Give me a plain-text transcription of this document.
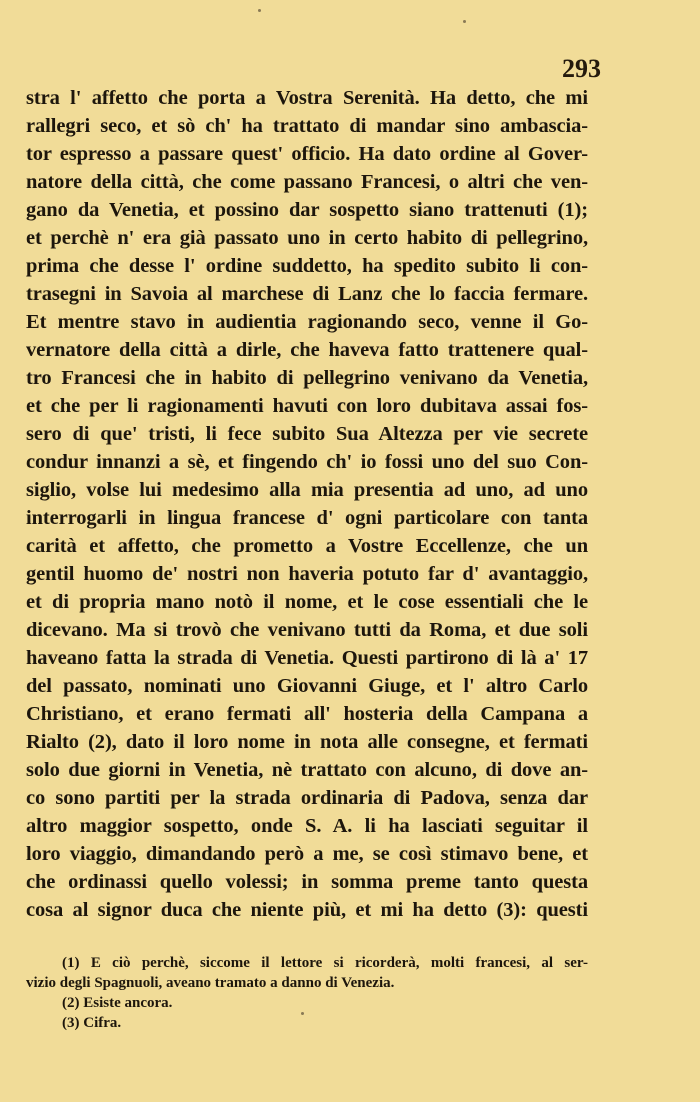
293
stra l' affetto che porta a Vostra Serenità. Ha detto, che mi
rallegri seco, et sò ch' ha trattato di mandar sino ambascia-
tor espresso a passare quest' officio. Ha dato ordine al Gover-
natore della città, che come passano Francesi, o altri che ven-
gano da Venetia, et possino dar sospetto siano trattenuti (1);
et perchè n' era già passato uno in certo habito di pellegrino,
prima che desse l' ordine suddetto, ha spedito subito li con-
trasegni in Savoia al marchese di Lanz che lo faccia fermare.
Et mentre stavo in audientia ragionando seco, venne il Go-
vernatore della città a dirle, che haveva fatto trattenere qual-
tro Francesi che in habito di pellegrino venivano da Venetia,
et che per li ragionamenti havuti con loro dubitava assai fos-
sero di que' tristi, li fece subito Sua Altezza per vie secrete
condur innanzi a sè, et fingendo ch' io fossi uno del suo Con-
siglio, volse lui medesimo alla mia presentia ad uno, ad uno
interrogarli in lingua francese d' ogni particolare con tanta
carità et affetto, che prometto a Vostre Eccellenze, che un
gentil huomo de' nostri non haveria potuto far d' avantaggio,
et di propria mano notò il nome, et le cose essentiali che le
dicevano. Ma si trovò che venivano tutti da Roma, et due soli
haveano fatta la strada di Venetia. Questi partirono di là a' 17
del passato, nominati uno Giovanni Giuge, et l' altro Carlo
Christiano, et erano fermati all' hosteria della Campana a
Rialto (2), dato il loro nome in nota alle consegne, et fermati
solo due giorni in Venetia, nè trattato con alcuno, di dove an-
co sono partiti per la strada ordinaria di Padova, senza dar
altro maggior sospetto, onde S. A. li ha lasciati seguitar il
loro viaggio, dimandando però a me, se così stimavo bene, et
che ordinassi quello volessi; in somma preme tanto questa
cosa al signor duca che niente più, et mi ha detto (3): questi
(1) E ciò perchè, siccome il lettore si ricorderà, molti francesi, al ser-
vizio degli Spagnuoli, aveano tramato a danno di Venezia.
(2) Esiste ancora.
(3) Cifra.
